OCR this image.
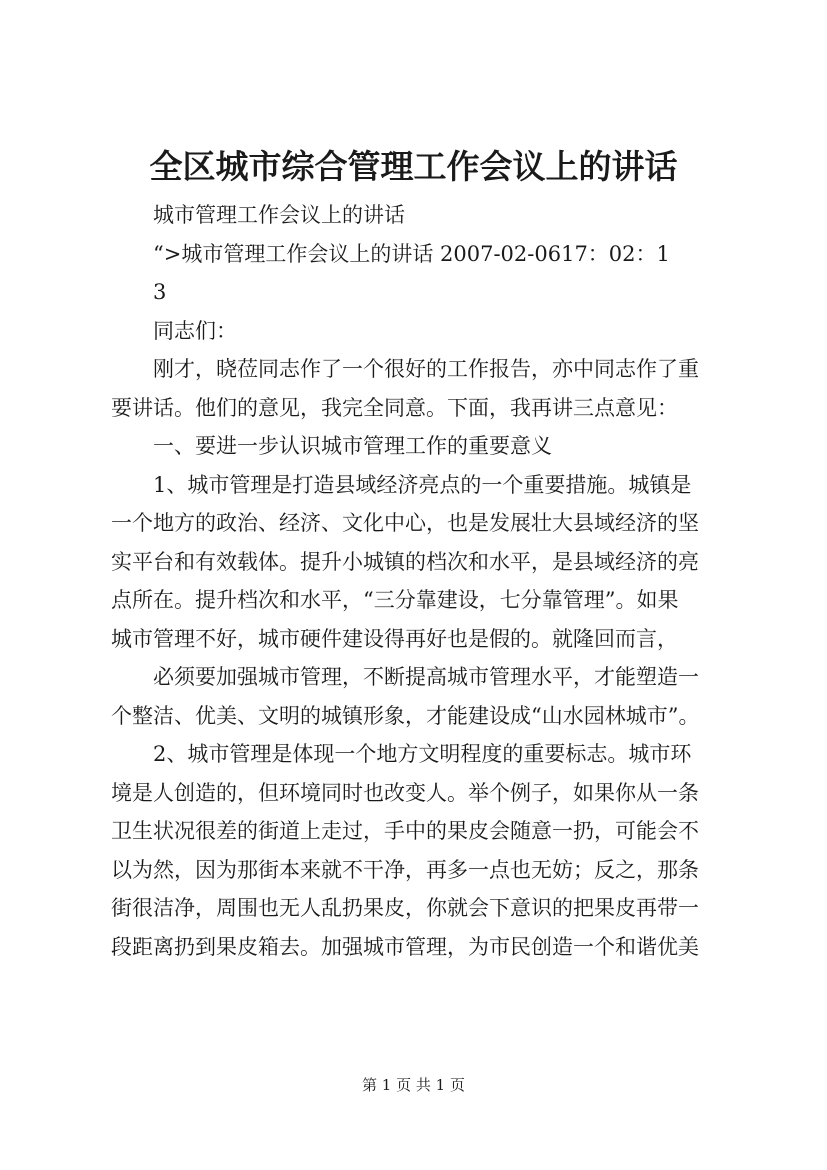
全区城市综合管理工作会议上的讲话
城市管理工作会议上的讲话
“>城市管理工作会议上的讲话 2007-02-0617：02：1
3
同志们：
刚才，晓莅同志作了一个很好的工作报告，亦中同志作了重
要讲话。他们的意见，我完全同意。下面，我再讲三点意见：
一、要进一步认识城市管理工作的重要意义
1、城市管理是打造县域经济亮点的一个重要措施。城镇是
一个地方的政治、经济、文化中心，也是发展壮大县域经济的坚
实平台和有效载体。提升小城镇的档次和水平，是县域经济的亮
点所在。提升档次和水平，“三分靠建设，七分靠管理”。如果
城市管理不好，城市硬件建设得再好也是假的。就隆回而言，
必须要加强城市管理，不断提高城市管理水平，才能塑造一
个整洁、优美、文明的城镇形象，才能建设成“山水园林城市”。
2、城市管理是体现一个地方文明程度的重要标志。城市环
境是人创造的，但环境同时也改变人。举个例子，如果你从一条
卫生状况很差的街道上走过，手中的果皮会随意一扔，可能会不
以为然，因为那街本来就不干净，再多一点也无妨；反之，那条
街很洁净，周围也无人乱扔果皮，你就会下意识的把果皮再带一
段距离扔到果皮箱去。加强城市管理，为市民创造一个和谐优美
第 1 页 共 1 页
